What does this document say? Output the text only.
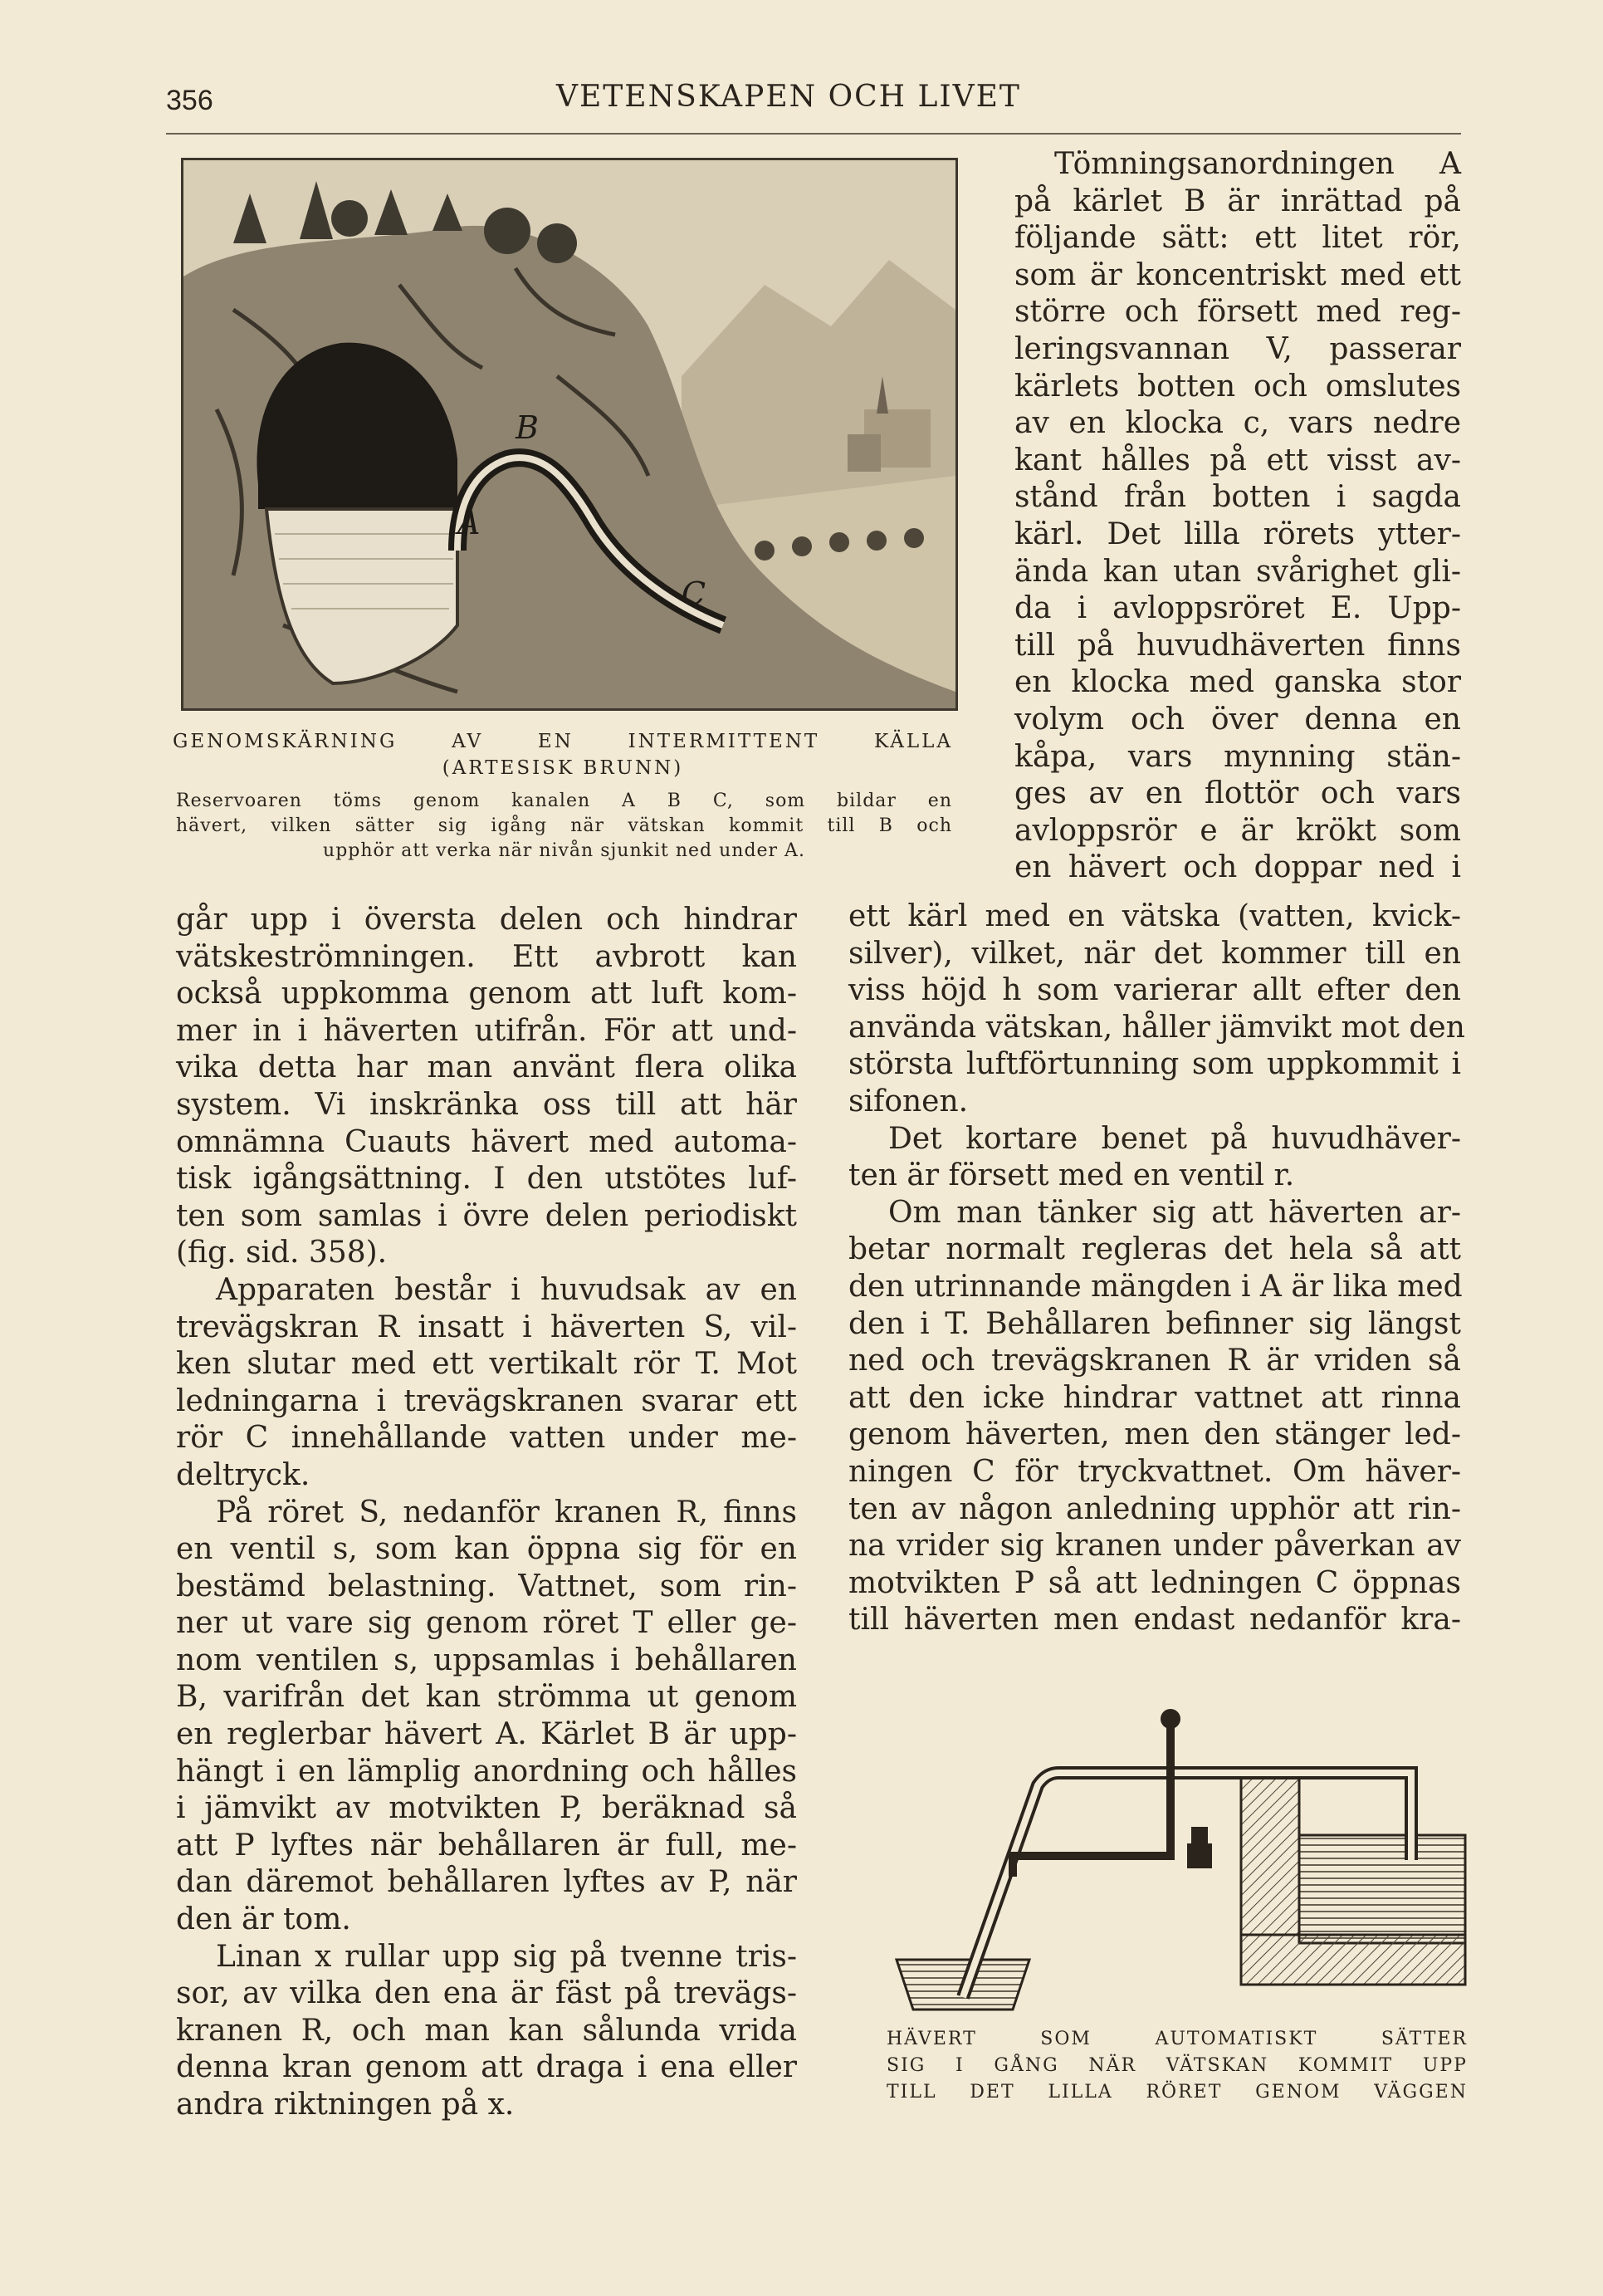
356	VETENSKAPEN OCH LIVET
A
B
C
GENOMSKÄRNING AV EN INTERMITTENT KÄLLA
(ARTESISK BRUNN)
Reservoaren töms genom kanalen A B C, som bildar en
hävert, vilken sätter sig igång när vätskan kommit till B och
upphör att verka när nivån sjunkit ned under A.

Tömningsanordningen A

på kärlet B är inrättad på

följande sätt: ett litet rör,

som är koncentriskt med ett

större och försett med reg-

leringsvannan V, passerar

kärlets botten och omslutes

av en klocka c, vars nedre

kant hålles på ett visst av-

stånd från botten i sagda

kärl. Det lilla rörets ytter-

ända kan utan svårighet gli-

da i avloppsröret E. Upp-

till på huvudhäverten finns

en klocka med ganska stor

volym och över denna en

kåpa, vars mynning stän-

ges av en flottör och vars

avloppsrör e är krökt som

en hävert och doppar ned i

ett kärl med en vätska (vatten, kvick-

silver), vilket, när det kommer till en

viss höjd h som varierar allt efter den

använda vätskan, håller jämvikt mot den

största luftförtunning som uppkommit i

sifonen.

Det kortare benet på huvudhäver-

ten är försett med en ventil r.

Om man tänker sig att häverten ar-

betar normalt regleras det hela så att

den utrinnande mängden i A är lika med

den i T. Behållaren befinner sig längst

ned och trevägskranen R är vriden så

att den icke hindrar vattnet att rinna

genom häverten, men den stänger led-

ningen C för tryckvattnet. Om häver-

ten av någon anledning upphör att rin-

na vrider sig kranen under påverkan av

motvikten P så att ledningen C öppnas

till häverten men endast nedanför kra-

går upp i översta delen och hindrar

vätskeströmningen. Ett avbrott kan

också uppkomma genom att luft kom-

mer in i häverten utifrån. För att und-

vika detta har man använt flera olika

system. Vi inskränka oss till att här

omnämna Cuauts hävert med automa-

tisk igångsättning. I den utstötes luf-

ten som samlas i övre delen periodiskt

(fig. sid. 358).

Apparaten består i huvudsak av en

trevägskran R insatt i häverten S, vil-

ken slutar med ett vertikalt rör T. Mot

ledningarna i trevägskranen svarar ett

rör C innehållande vatten under me-

deltryck.

På röret S, nedanför kranen R, finns

en ventil s, som kan öppna sig för en

bestämd belastning. Vattnet, som rin-

ner ut vare sig genom röret T eller ge-

nom ventilen s, uppsamlas i behållaren

B, varifrån det kan strömma ut genom

en reglerbar hävert A. Kärlet B är upp-

hängt i en lämplig anordning och hålles

i jämvikt av motvikten P, beräknad så

att P lyftes när behållaren är full, me-

dan däremot behållaren lyftes av P, när

den är tom.

Linan x rullar upp sig på tvenne tris-

sor, av vilka den ena är fäst på trevägs-

kranen R, och man kan sålunda vrida

denna kran genom att draga i ena eller

andra riktningen på x.

HÄVERT SOM AUTOMATISKT SÄTTER
SIG I GÅNG NÄR VÄTSKAN KOMMIT UPP
TILL DET LILLA RÖRET GENOM VÄGGEN
